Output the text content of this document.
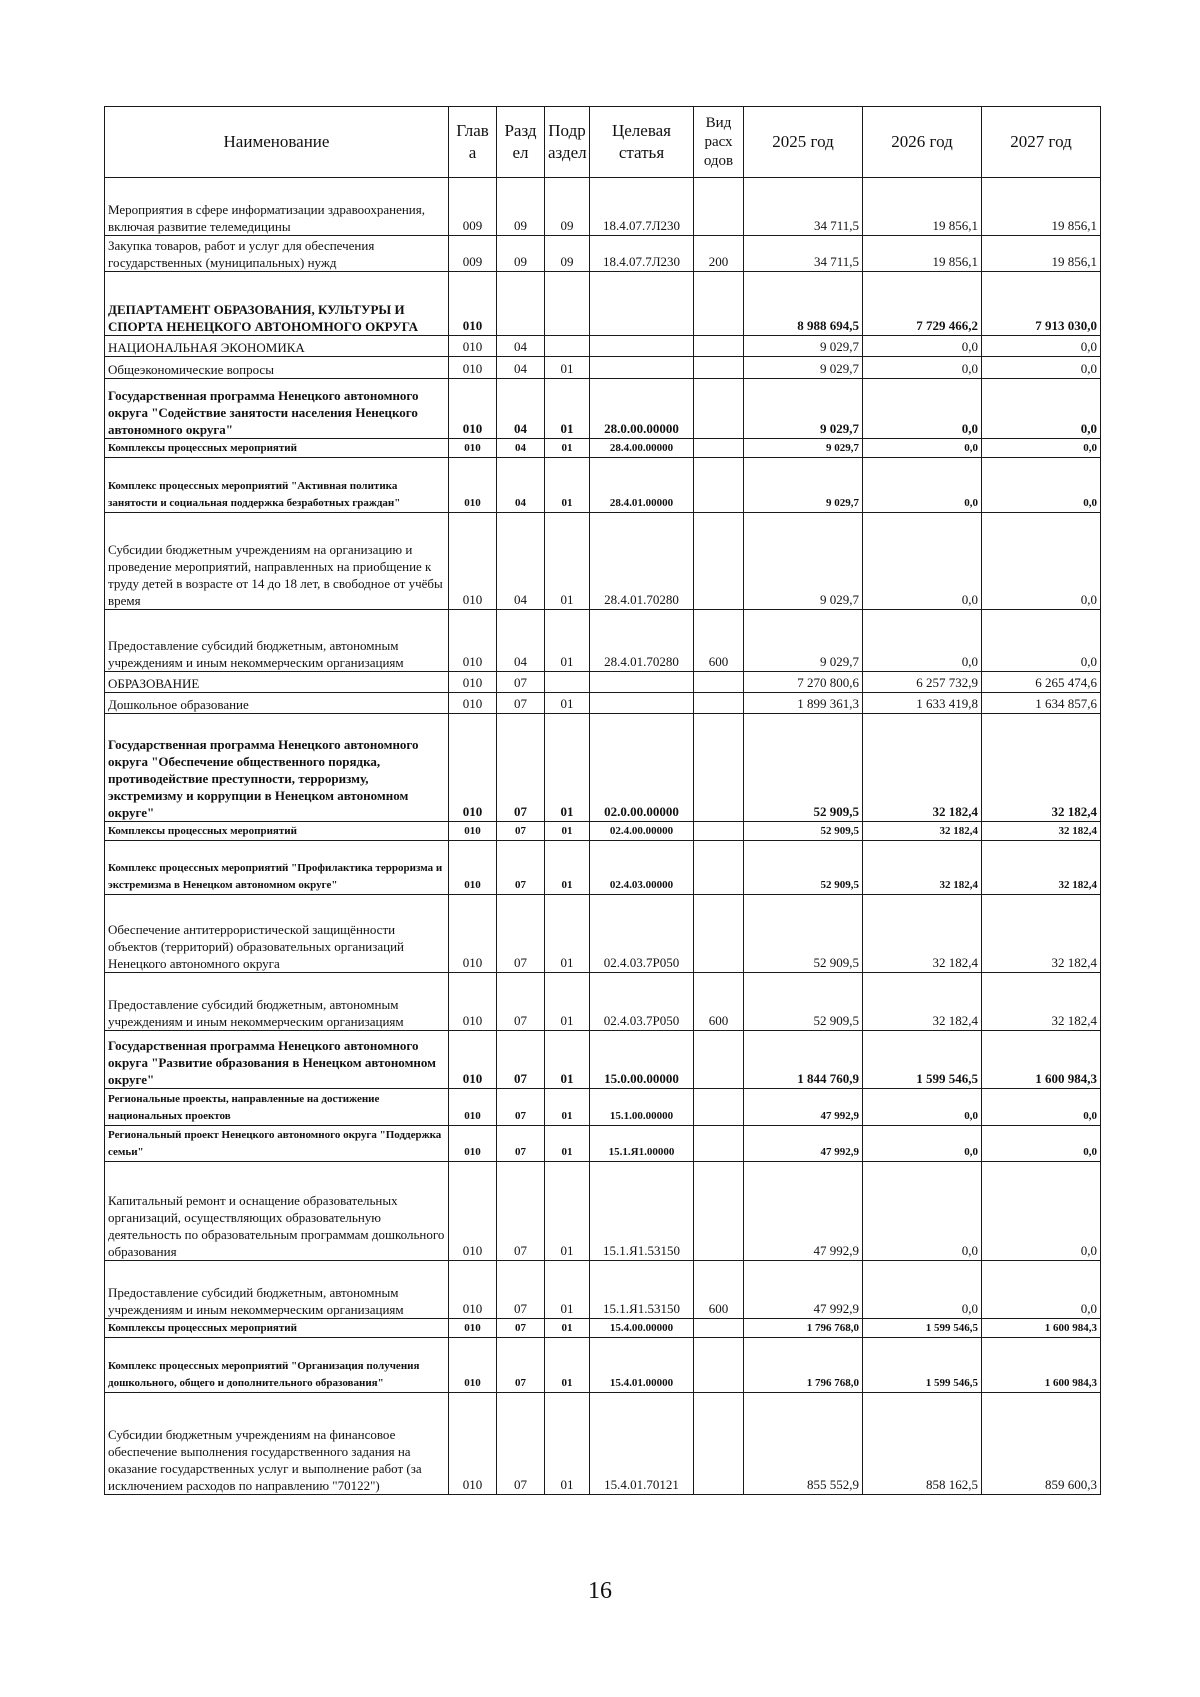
Наименование	Глав а	Разд ел	Подр аздел	Целевая статья	Вид расх одов	2025 год	2026 год	2027 год
Мероприятия в сфере информатизации здравоохранения, включая развитие телемедицины	009	09	09	18.4.07.7Л230		34 711,5	19 856,1	19 856,1
Закупка товаров, работ и услуг для обеспечения государственных (муниципальных) нужд	009	09	09	18.4.07.7Л230	200	34 711,5	19 856,1	19 856,1
ДЕПАРТАМЕНТ ОБРАЗОВАНИЯ, КУЛЬТУРЫ И СПОРТА НЕНЕЦКОГО АВТОНОМНОГО ОКРУГА	010					8 988 694,5	7 729 466,2	7 913 030,0
НАЦИОНАЛЬНАЯ ЭКОНОМИКА	010	04				9 029,7	0,0	0,0
Общеэкономические вопросы	010	04	01			9 029,7	0,0	0,0
Государственная программа Ненецкого автономного округа "Содействие занятости населения Ненецкого автономного округа"	010	04	01	28.0.00.00000		9 029,7	0,0	0,0
Комплексы процессных мероприятий	010	04	01	28.4.00.00000		9 029,7	0,0	0,0
Комплекс процессных мероприятий "Активная политика занятости и социальная поддержка безработных граждан"	010	04	01	28.4.01.00000		9 029,7	0,0	0,0
Субсидии бюджетным учреждениям на организацию и проведение мероприятий, направленных на приобщение к труду детей в возрасте от 14 до 18 лет, в свободное от учёбы время	010	04	01	28.4.01.70280		9 029,7	0,0	0,0
Предоставление субсидий бюджетным, автономным учреждениям и иным некоммерческим организациям	010	04	01	28.4.01.70280	600	9 029,7	0,0	0,0
ОБРАЗОВАНИЕ	010	07				7 270 800,6	6 257 732,9	6 265 474,6
Дошкольное образование	010	07	01			1 899 361,3	1 633 419,8	1 634 857,6
Государственная программа Ненецкого автономного округа "Обеспечение общественного порядка, противодействие преступности, терроризму, экстремизму и коррупции в Ненецком автономном округе"	010	07	01	02.0.00.00000		52 909,5	32 182,4	32 182,4
Комплексы процессных мероприятий	010	07	01	02.4.00.00000		52 909,5	32 182,4	32 182,4
Комплекс процессных мероприятий "Профилактика терроризма и экстремизма в Ненецком автономном округе"	010	07	01	02.4.03.00000		52 909,5	32 182,4	32 182,4
Обеспечение антитеррористической защищённости объектов (территорий) образовательных организаций Ненецкого автономного округа	010	07	01	02.4.03.7Р050		52 909,5	32 182,4	32 182,4
Предоставление субсидий бюджетным, автономным учреждениям и иным некоммерческим организациям	010	07	01	02.4.03.7Р050	600	52 909,5	32 182,4	32 182,4
Государственная программа Ненецкого автономного округа "Развитие образования в Ненецком автономном округе"	010	07	01	15.0.00.00000		1 844 760,9	1 599 546,5	1 600 984,3
Региональные проекты, направленные на достижение национальных проектов	010	07	01	15.1.00.00000		47 992,9	0,0	0,0
Региональный проект Ненецкого автономного округа "Поддержка семьи"	010	07	01	15.1.Я1.00000		47 992,9	0,0	0,0
Капитальный ремонт и оснащение образовательных организаций, осуществляющих образовательную деятельность по образовательным программам дошкольного образования	010	07	01	15.1.Я1.53150		47 992,9	0,0	0,0
Предоставление субсидий бюджетным, автономным учреждениям и иным некоммерческим организациям	010	07	01	15.1.Я1.53150	600	47 992,9	0,0	0,0
Комплексы процессных мероприятий	010	07	01	15.4.00.00000		1 796 768,0	1 599 546,5	1 600 984,3
Комплекс процессных мероприятий "Организация получения дошкольного, общего и дополнительного образования"	010	07	01	15.4.01.00000		1 796 768,0	1 599 546,5	1 600 984,3
Субсидии бюджетным учреждениям на финансовое обеспечение выполнения государственного задания на оказание государственных услуг и выполнение работ (за исключением расходов по направлению "70122")	010	07	01	15.4.01.70121		855 552,9	858 162,5	859 600,3
16
